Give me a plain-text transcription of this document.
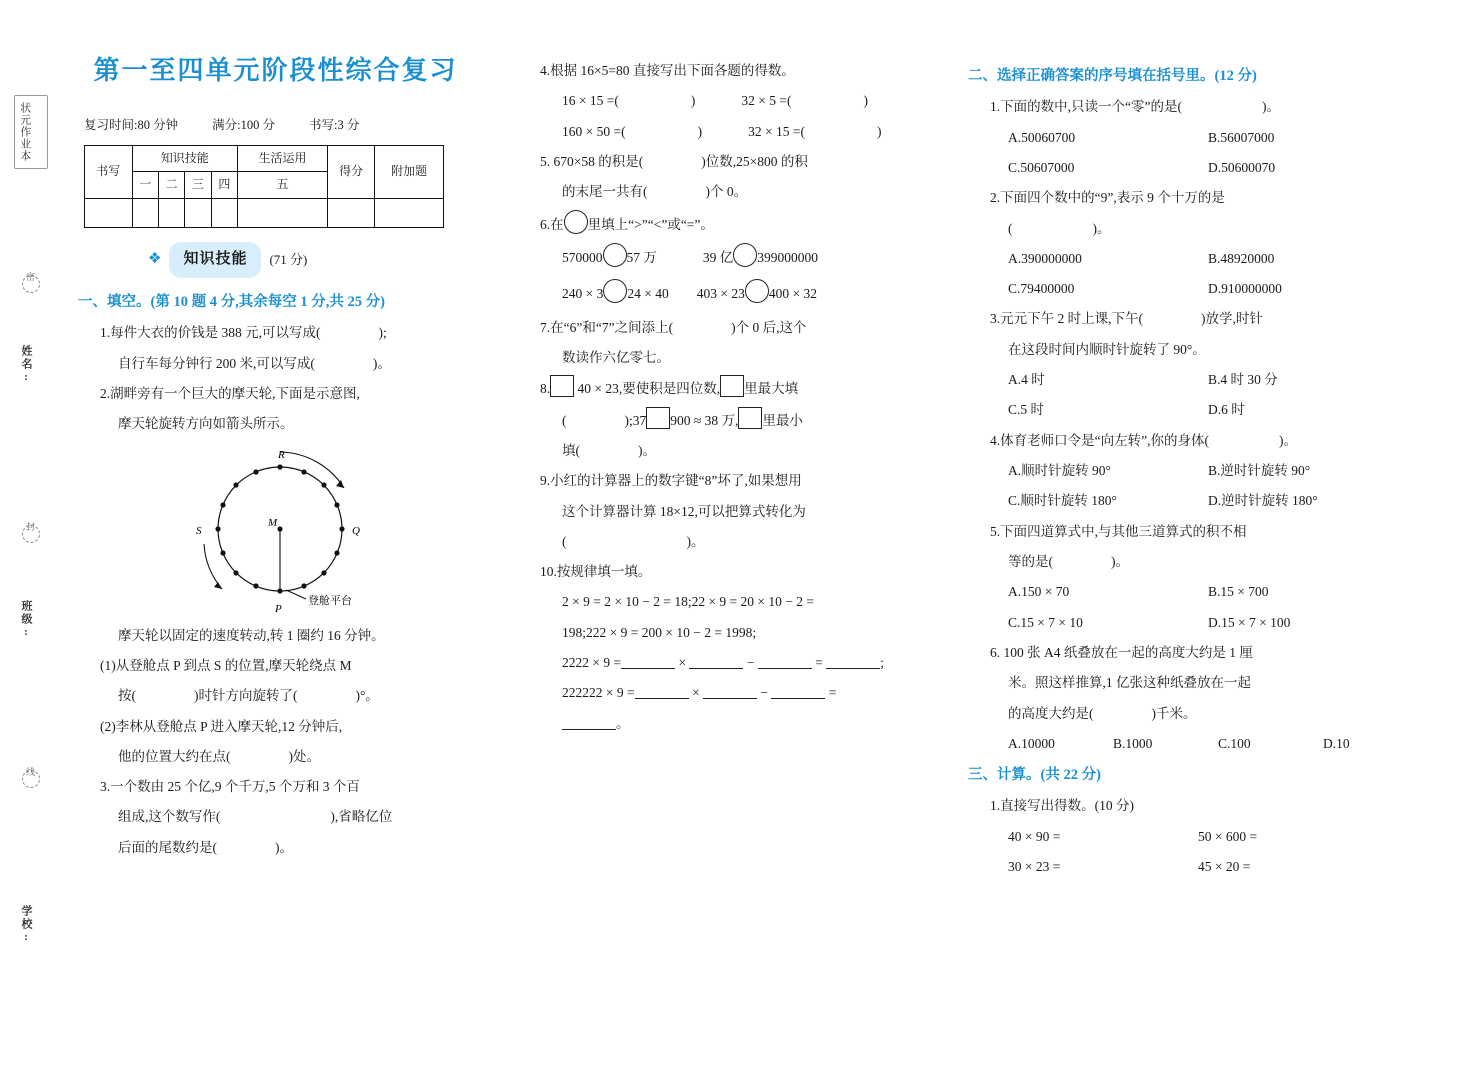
状元作业本
密
姓名:
封
班级:
线
学校:
第一至四单元阶段性综合复习
复习时间:80 分钟	满分:100 分	书写:3 分
书写	知识技能				生活运用	得分	附加题
	一	二	三	四	五		

❖	知识技能	(71 分)
一、填空。(第 10 题 4 分,其余每空 1 分,共 25 分)
1.每件大衣的价钱是 388 元,可以写成(	);
自行车每分钟行 200 米,可以写成(	)。
2.湖畔旁有一个巨大的摩天轮,下面是示意图,
摩天轮旋转方向如箭头所示。
R
S
M
Q
P
登舱平台
摩天轮以固定的速度转动,转 1 圈约 16 分钟。
(1)从登舱点 P 到点 S 的位置,摩天轮绕点 M
按(	)时针方向旋转了(	)°。
(2)李林从登舱点 P 进入摩天轮,12 分钟后,
他的位置大约在点(	)处。
3.一个数由 25 个亿,9 个千万,5 个万和 3 个百
组成,这个数写作(	),省略亿位
后面的尾数约是(	)。
4.根据 16×5=80 直接写出下面各题的得数。
16 × 15 =(	)	32 × 5 =(	)
160 × 50 =(	)	32 × 15 =(	)
5. 670×58 的积是(	)位数,25×800 的积
的末尾一共有(	)个 0。
6.在 里填上“>”“<”或“=”。
570000 57 万	39 亿 399000000
240 × 3 24 × 40 403 × 23 400 × 32
7.在“6”和“7”之间添上(	)个 0 后,这个
数读作六亿零七。
8. 40 × 23,要使积是四位数, 里最大填
(	);37 900 ≈ 38 万, 里最小
填(	)。
9.小红的计算器上的数字键“8”坏了,如果想用
这个计算器计算 18×12,可以把算式转化为
(	)。
10.按规律填一填。
2 × 9 = 2 × 10 − 2 = 18;22 × 9 = 20 × 10 − 2 =
198;222 × 9 = 200 × 10 − 2 = 1998;
2222 × 9 =	×	−	=	;
222222 × 9 =	×	−	=
。
二、选择正确答案的序号填在括号里。(12 分)
1.下面的数中,只读一个“零”的是(	)。
A.50060700	B.56007000
C.50607000	D.50600070
2.下面四个数中的“9”,表示 9 个十万的是
(	)。
A.390000000	B.48920000
C.79400000	D.910000000
3.元元下午 2 时上课,下午(	)放学,时针
在这段时间内顺时针旋转了 90°。
A.4 时	B.4 时 30 分
C.5 时	D.6 时
4.体育老师口令是“向左转”,你的身体(	)。
A.顺时针旋转 90°	B.逆时针旋转 90°
C.顺时针旋转 180°	D.逆时针旋转 180°
5.下面四道算式中,与其他三道算式的积不相
等的是(	)。
A.150 × 70	B.15 × 700
C.15 × 7 × 10	D.15 × 7 × 100
6. 100 张 A4 纸叠放在一起的高度大约是 1 厘
米。照这样推算,1 亿张这种纸叠放在一起
的高度大约是(	)千米。
A.10000	B.1000	C.100	D.10
三、计算。(共 22 分)
1.直接写出得数。(10 分)
40 × 90 =	50 × 600 =
30 × 23 =	45 × 20 =
